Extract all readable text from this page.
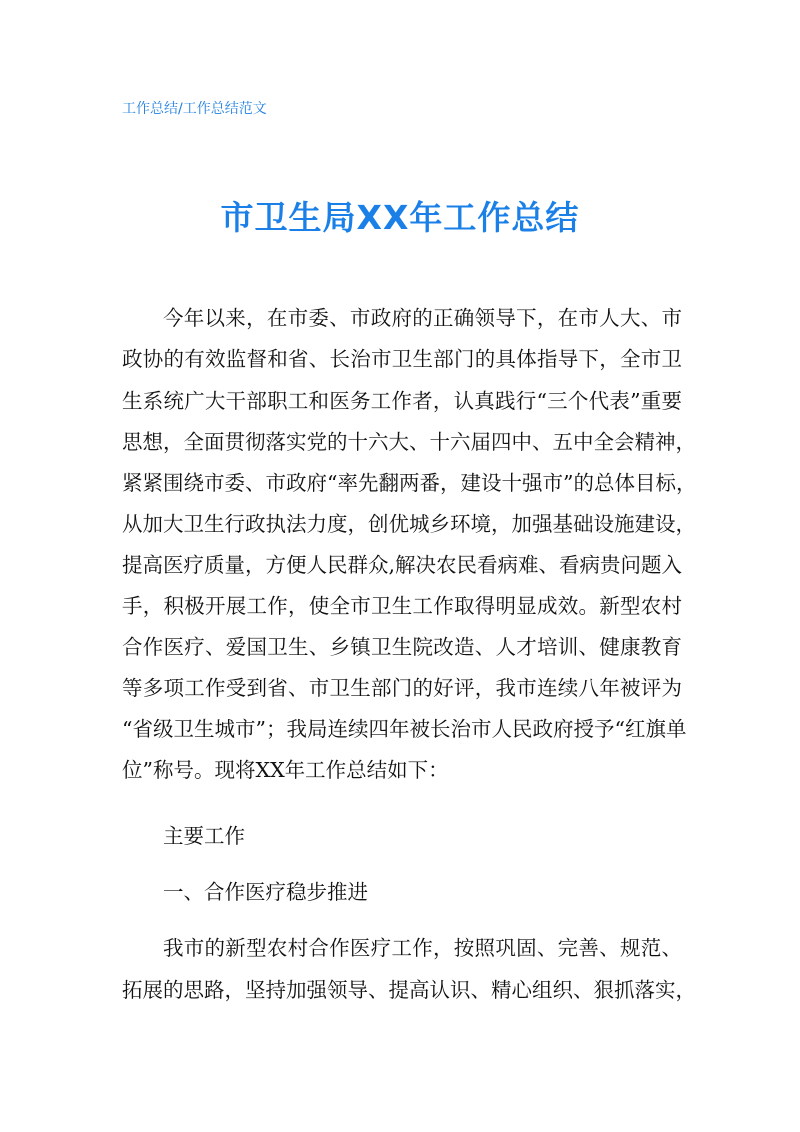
工作总结/工作总结范文
市卫生局XX年工作总结
今年以来，在市委、市政府的正确领导下，在市人大、市
政协的有效监督和省、长治市卫生部门的具体指导下，全市卫
生系统广大干部职工和医务工作者，认真践行“三个代表”重要
思想，全面贯彻落实党的十六大、十六届四中、五中全会精神，
紧紧围绕市委、市政府“率先翻两番，建设十强市”的总体目标，
从加大卫生行政执法力度，创优城乡环境，加强基础设施建设，
提高医疗质量，方便人民群众,解决农民看病难、看病贵问题入
手，积极开展工作，使全市卫生工作取得明显成效。新型农村
合作医疗、爱国卫生、乡镇卫生院改造、人才培训、健康教育
等多项工作受到省、市卫生部门的好评，我市连续八年被评为
“省级卫生城市”；我局连续四年被长治市人民政府授予“红旗单
位”称号。现将XX年工作总结如下：
主要工作
一、合作医疗稳步推进
我市的新型农村合作医疗工作，按照巩固、完善、规范、
拓展的思路，坚持加强领导、提高认识、精心组织、狠抓落实，
